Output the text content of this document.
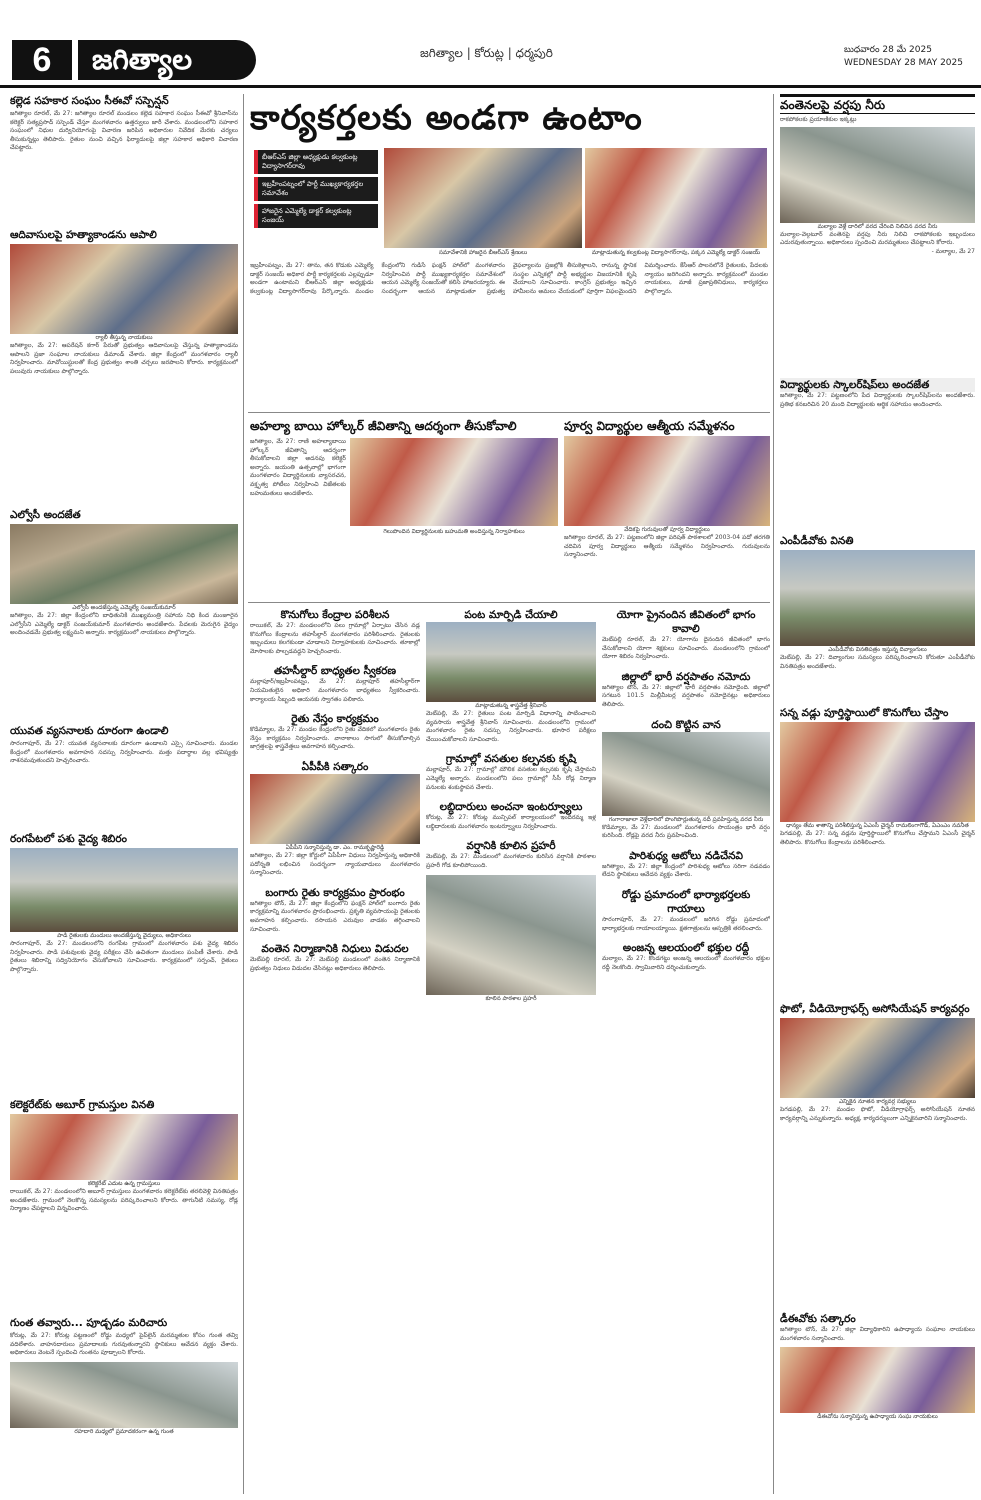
6	జగిత్యాల	జగిత్యాల | కోరుట్ల | ధర్మపురి	బుధవారం 28 మే 2025
WEDNESDAY 28 MAY 2025
కార్యకర్తలకు అండగా ఉంటాం
బీఆర్ఎస్ జిల్లా అధ్యక్షుడు కల్వకుంట్ల విద్యాసాగర్‌రావు
ఇబ్రహీంపట్నంలో పార్టీ ముఖ్యకార్యకర్తల సమావేశం
హాజరైన ఎమ్మెల్యే డాక్టర్ కల్వకుంట్ల సంజయ్
సమావేశానికి హాజరైన బీఆర్ఎస్ శ్రేణులు	మాట్లాడుతున్న కల్వకుంట్ల విద్యాసాగర్‌రావు, పక్కన ఎమ్మెల్యే డాక్టర్ సంజయ్
ఇబ్రహీంపట్నం, మే 27: తాను, తన కొడుకు ఎమ్మెల్యే డాక్టర్ సంజయ్ అధికార పార్టీ కార్యకర్తలకు ఎల్లప్పుడూ అండగా ఉంటామని బీఆర్ఎస్ జిల్లా అధ్యక్షుడు కల్వకుంట్ల విద్యాసాగర్‌రావు పేర్కొన్నారు. మండల కేంద్రంలోని గుడిసే ఫంక్షన్ హాల్‌లో మంగళవారం నిర్వహించిన పార్టీ ముఖ్యకార్యకర్తల సమావేశంలో ఆయన ఎమ్మెల్యే సంజయ్‌తో కలిసి హాజరయ్యారు. ఈ సందర్భంగా ఆయన మాట్లాడుతూ ప్రభుత్వ వైఫల్యాలను ప్రజల్లోకి తీసుకెళ్లాలని, రానున్న స్థానిక సంస్థల ఎన్నికల్లో పార్టీ అభ్యర్థుల విజయానికి కృషి చేయాలని సూచించారు. కాంగ్రెస్ ప్రభుత్వం ఇచ్చిన హామీలను అమలు చేయడంలో పూర్తిగా విఫలమైందని విమర్శించారు. కేసీఆర్ పాలనలోనే రైతులకు, పేదలకు న్యాయం జరిగిందని అన్నారు. కార్యక్రమంలో మండల నాయకులు, మాజీ ప్రజాప్రతినిధులు, కార్యకర్తలు పాల్గొన్నారు.
కల్లెడ సహకార సంఘం సీఈవో సస్పెన్షన్
జగిత్యాల రూరల్, మే 27: జగిత్యాల రూరల్ మండలం కల్లెడ సహకార సంఘం సీఈవో శ్రీనివాస్‌ను కలెక్టర్ సత్యప్రసాద్ సస్పెండ్ చేస్తూ మంగళవారం ఉత్తర్వులు జారీ చేశారు. మండలంలోని సహకార సంఘంలో నిధుల దుర్వినియోగంపై విచారణ జరిపిన అధికారుల నివేదిక మేరకు చర్యలు తీసుకున్నట్లు తెలిపారు. రైతుల నుంచి వచ్చిన ఫిర్యాదులపై జిల్లా సహకార అధికారి విచారణ చేపట్టారు.
ఆదివాసులపై హత్యాకాండను ఆపాలి
ర్యాలీ తీస్తున్న నాయకులు
జగిత్యాల, మే 27: ఆపరేషన్ కగార్ పేరుతో ప్రభుత్వం ఆదివాసులపై చేస్తున్న హత్యాకాండను ఆపాలని ప్రజా సంఘాల నాయకులు డిమాండ్ చేశారు. జిల్లా కేంద్రంలో మంగళవారం ర్యాలీ నిర్వహించారు. మావోయిస్టులతో కేంద్ర ప్రభుత్వం శాంతి చర్చలు జరపాలని కోరారు. కార్యక్రమంలో పలువురు నాయకులు పాల్గొన్నారు.
ఎల్వోసీ అందజేత
ఎల్వోసీ అందజేస్తున్న ఎమ్మెల్యే సంజయ్‌కుమార్
జగిత్యాల, మే 27: జిల్లా కేంద్రంలోని బాధితునికి ముఖ్యమంత్రి సహాయ నిధి కింద మంజూరైన ఎల్వోసీని ఎమ్మెల్యే డాక్టర్ సంజయ్‌కుమార్ మంగళవారం అందజేశారు. పేదలకు మెరుగైన వైద్యం అందించడమే ప్రభుత్వ లక్ష్యమని అన్నారు. కార్యక్రమంలో నాయకులు పాల్గొన్నారు.
యువత వ్యసనాలకు దూరంగా ఉండాలి
సారంగాపూర్, మే 27: యువత వ్యసనాలకు దూరంగా ఉండాలని ఎస్సై సూచించారు. మండల కేంద్రంలో మంగళవారం అవగాహన సదస్సు నిర్వహించారు. మత్తు పదార్థాల వల్ల భవిష్యత్తు నాశనమవుతుందని హెచ్చరించారు.
రంగపేటలో పశు వైద్య శిబిరం
పాడి రైతులకు మందులు అందజేస్తున్న వైద్యులు, అధికారులు
సారంగాపూర్, మే 27: మండలంలోని రంగపేట గ్రామంలో మంగళవారం పశు వైద్య శిబిరం నిర్వహించారు. పాడి పశువులకు వైద్య పరీక్షలు చేసి ఉచితంగా మందులు పంపిణీ చేశారు. పాడి రైతులు శిబిరాన్ని సద్వినియోగం చేసుకోవాలని సూచించారు. కార్యక్రమంలో సర్పంచ్, రైతులు పాల్గొన్నారు.
కలెక్టరేట్‌కు అబూర్ గ్రామస్తుల వినతి
కలెక్టరేట్ ఎదుట ఉన్న గ్రామస్తులు
రాయికల్, మే 27: మండలంలోని అబూర్ గ్రామస్తులు మంగళవారం కలెక్టరేట్‌కు తరలివెళ్లి వినతిపత్రం అందజేశారు. గ్రామంలో నెలకొన్న సమస్యలను పరిష్కరించాలని కోరారు. తాగునీటి సమస్య, రోడ్ల నిర్మాణం చేపట్టాలని విన్నవించారు.
గుంత తవ్వారు... పూడ్చడం మరిచారు
కోరుట్ల, మే 27: కోరుట్ల పట్టణంలో రోడ్డు మధ్యలో పైప్‌లైన్ మరమ్మతుల కోసం గుంత తవ్వి వదిలేశారు. వాహనదారులు ప్రమాదాలకు గురవుతున్నారని స్థానికులు ఆవేదన వ్యక్తం చేశారు. అధికారులు వెంటనే స్పందించి గుంతను పూడ్చాలని కోరారు.
రహదారి మధ్యలో ప్రమాదకరంగా ఉన్న గుంత
అహల్యా బాయి హోల్కర్ జీవితాన్ని ఆదర్శంగా తీసుకోవాలి
గెలుపొందిన విద్యార్థినులకు బహుమతి అందిస్తున్న నిర్వాహకులు
జగిత్యాల, మే 27: రాణి అహల్యాబాయి హోల్కర్ జీవితాన్ని ఆదర్శంగా తీసుకోవాలని జిల్లా అదనపు కలెక్టర్ అన్నారు. జయంతి ఉత్సవాల్లో భాగంగా మంగళవారం విద్యార్థినులకు వ్యాసరచన, వక్తృత్వ పోటీలు నిర్వహించి విజేతలకు బహుమతులు అందజేశారు.
పూర్వ విద్యార్థుల ఆత్మీయ సమ్మేళనం
వేదికపై గురువులతో పూర్వ విద్యార్థులు
జగిత్యాల రూరల్, మే 27: పట్టణంలోని జిల్లా పరిషత్ పాఠశాలలో 2003-04 పదో తరగతి చదివిన పూర్వ విద్యార్థులు ఆత్మీయ సమ్మేళనం నిర్వహించారు. గురువులను సన్మానించారు.
కొనుగోలు కేంద్రాల పరిశీలన
రాయికల్, మే 27: మండలంలోని పలు గ్రామాల్లో ఏర్పాటు చేసిన వడ్ల కొనుగోలు కేంద్రాలను తహసీల్దార్ మంగళవారం పరిశీలించారు. రైతులకు ఇబ్బందులు కలగకుండా చూడాలని నిర్వాహకులకు సూచించారు. తూకాల్లో మోసాలకు పాల్పడవద్దని హెచ్చరించారు.
తహసీల్దార్ బాధ్యతల స్వీకరణ
మల్లాపూర్/ఇబ్రహీంపట్నం, మే 27: మల్లాపూర్ తహసీల్దార్‌గా నియమితులైన అధికారి మంగళవారం బాధ్యతలు స్వీకరించారు. కార్యాలయ సిబ్బంది ఆయనకు స్వాగతం పలికారు.
రైతు నేస్తం కార్యక్రమం
కొడిమ్యాల, మే 27: మండల కేంద్రంలోని రైతు వేదికలో మంగళవారం రైతు నేస్తం కార్యక్రమం నిర్వహించారు. వానాకాలం సాగులో తీసుకోవాల్సిన జాగ్రత్తలపై శాస్త్రవేత్తలు అవగాహన కల్పించారు.
ఏపీపీకి సత్కారం
ఏపీపీని సన్మానిస్తున్న డా. ఎం. రామకృష్ణారెడ్డి
జగిత్యాల, మే 27: జిల్లా కోర్టులో ఏపీపీగా విధులు నిర్వహిస్తున్న అధికారికి పదోన్నతి లభించిన సందర్భంగా న్యాయవాదులు మంగళవారం సన్మానించారు.
బంగారు రైతు కార్యక్రమం ప్రారంభం
జగిత్యాల టౌన్, మే 27: జిల్లా కేంద్రంలోని ఫంక్షన్ హాల్‌లో బంగారు రైతు కార్యక్రమాన్ని మంగళవారం ప్రారంభించారు. ప్రకృతి వ్యవసాయంపై రైతులకు అవగాహన కల్పించారు. రసాయన ఎరువుల వాడకం తగ్గించాలని సూచించారు.
వంతెన నిర్మాణానికి నిధులు విడుదల
మెట్‌పల్లి రూరల్, మే 27: మెట్‌పల్లి మండలంలో వంతెన నిర్మాణానికి ప్రభుత్వం నిధులు విడుదల చేసినట్లు అధికారులు తెలిపారు.
పంట మార్పిడి చేయాలి
మాట్లాడుతున్న శాస్త్రవేత్త శ్రీనివాస్
మెట్‌పల్లి, మే 27: రైతులు పంట మార్పిడి విధానాన్ని పాటించాలని వ్యవసాయ శాస్త్రవేత్త శ్రీనివాస్ సూచించారు. మండలంలోని గ్రామంలో మంగళవారం రైతు సదస్సు నిర్వహించారు. భూసార పరీక్షలు చేయించుకోవాలని సూచించారు.
గ్రామాల్లో వసతుల కల్పనకు కృషి
మల్లాపూర్, మే 27: గ్రామాల్లో మౌలిక వసతుల కల్పనకు కృషి చేస్తామని ఎమ్మెల్యే అన్నారు. మండలంలోని పలు గ్రామాల్లో సీసీ రోడ్ల నిర్మాణ పనులకు శంకుస్థాపన చేశారు.
లబ్ధిదారులు అంచనా ఇంటర్వ్యూలు
కోరుట్ల, మే 27: కోరుట్ల మున్సిపల్ కార్యాలయంలో ఇందిరమ్మ ఇళ్ల లబ్ధిదారులకు మంగళవారం ఇంటర్వ్యూలు నిర్వహించారు.
వర్షానికి కూలిన ప్రహరీ
మెట్‌పల్లి, మే 27: మండలంలో మంగళవారం కురిసిన వర్షానికి పాఠశాల ప్రహరీ గోడ కూలిపోయింది.
కూలిన పాఠశాల ప్రహరీ
యోగా ప్రైనందిన జీవితంలో భాగం కావాలి
మెట్‌పల్లి రూరల్, మే 27: యోగాను దైనందిన జీవితంలో భాగం చేసుకోవాలని యోగా శిక్షకులు సూచించారు. మండలంలోని గ్రామంలో యోగా శిబిరం నిర్వహించారు.
జిల్లాలో భారీ వర్షపాతం నమోదు
జగిత్యాల టౌన్, మే 27: జిల్లాలో భారీ వర్షపాతం నమోదైంది. జిల్లాలో సగటున 101.5 మిల్లీమీటర్ల వర్షపాతం నమోదైనట్లు అధికారులు తెలిపారు.
దంచి కొట్టిన వాన
గంగారాజాలా వెళ్లేదారిలో పొంగిపొర్లుతున్న నదీ ప్రవహిస్తున్న వరద నీరు
కొడిమ్యాల, మే 27: మండలంలో మంగళవారం సాయంత్రం భారీ వర్షం కురిసింది. రోడ్లపై వరద నీరు ప్రవహించింది.
పారిశుధ్య ఆటోలు నడిచేనవి
జగిత్యాల, మే 27: జిల్లా కేంద్రంలో పారిశుధ్య ఆటోలు సరిగా నడవడం లేదని స్థానికులు ఆవేదన వ్యక్తం చేశారు.
రోడ్డు ప్రమాదంలో భార్యాభర్తలకు గాయాలు
సారంగాపూర్, మే 27: మండలంలో జరిగిన రోడ్డు ప్రమాదంలో భార్యాభర్తలకు గాయాలయ్యాయి. క్షతగాత్రులను ఆస్పత్రికి తరలించారు.
అంజన్న ఆలయంలో భక్తుల రద్దీ
మల్యాల, మే 27: కొండగట్టు అంజన్న ఆలయంలో మంగళవారం భక్తుల రద్దీ నెలకొంది. స్వామివారిని దర్శించుకున్నారు.
వంతెనలపై వర్షపు నీరు
రాకపోకలకు ప్రయాణికుల ఇక్కట్లు
మల్యాల వెళ్లే దారిలో వరద చేరింది నిలిచిన వరద నీరు
మల్యాల-వెల్గటూర్ వంతెనపై వర్షపు నీరు నిలిచి రాకపోకలకు ఇబ్బందులు ఎదురవుతున్నాయి. అధికారులు స్పందించి మరమ్మతులు చేపట్టాలని కోరారు.
- మల్యాల, మే 27
విద్యార్థులకు స్కాలర్‌షిప్‌లు అందజేత
జగిత్యాల, మే 27: పట్టణంలోని పేద విద్యార్థులకు స్కాలర్‌షిప్‌లను అందజేశారు. ప్రతిభ కనబరిచిన 20 మంది విద్యార్థులకు ఆర్థిక సహాయం అందించారు.
ఎంపీడీవోకు వినతి
ఎంపీడీవోకు వినతిపత్రం ఇస్తున్న దివ్యాంగులు
మెట్‌పల్లి, మే 27: దివ్యాంగుల సమస్యలు పరిష్కరించాలని కోరుతూ ఎంపీడీవోకు వినతిపత్రం అందజేశారు.
సన్న వడ్లు పూర్తిస్థాయిలో కొనుగోలు చేస్తాం
ధాన్యం తేమ శాతాన్ని పరిశీలిస్తున్న ఏఎంసీ చైర్మన్ రామలింగాగౌడ్, ఏఎంఎం నవనీత
పెగడపల్లి, మే 27: సన్న వడ్లను పూర్తిస్థాయిలో కొనుగోలు చేస్తామని ఏఎంసీ చైర్మన్ తెలిపారు. కొనుగోలు కేంద్రాలను పరిశీలించారు.
ఫొటో, వీడియోగ్రాఫర్స్ అసోసియేషన్ కార్యవర్గం
ఎన్నికైన నూతన కార్యవర్గ సభ్యులు
పెగడపల్లి, మే 27: మండల ఫొటో, వీడియోగ్రాఫర్స్ అసోసియేషన్ నూతన కార్యవర్గాన్ని ఎన్నుకున్నారు. అధ్యక్ష, కార్యదర్శులుగా ఎన్నికైనవారిని సన్మానించారు.
డీఈవోకు సత్కారం
జగిత్యాల టౌన్, మే 27: జిల్లా విద్యాధికారిని ఉపాధ్యాయ సంఘాల నాయకులు మంగళవారం సన్మానించారు.
డీఈవోను సన్మానిస్తున్న ఉపాధ్యాయ సంఘ నాయకులు
